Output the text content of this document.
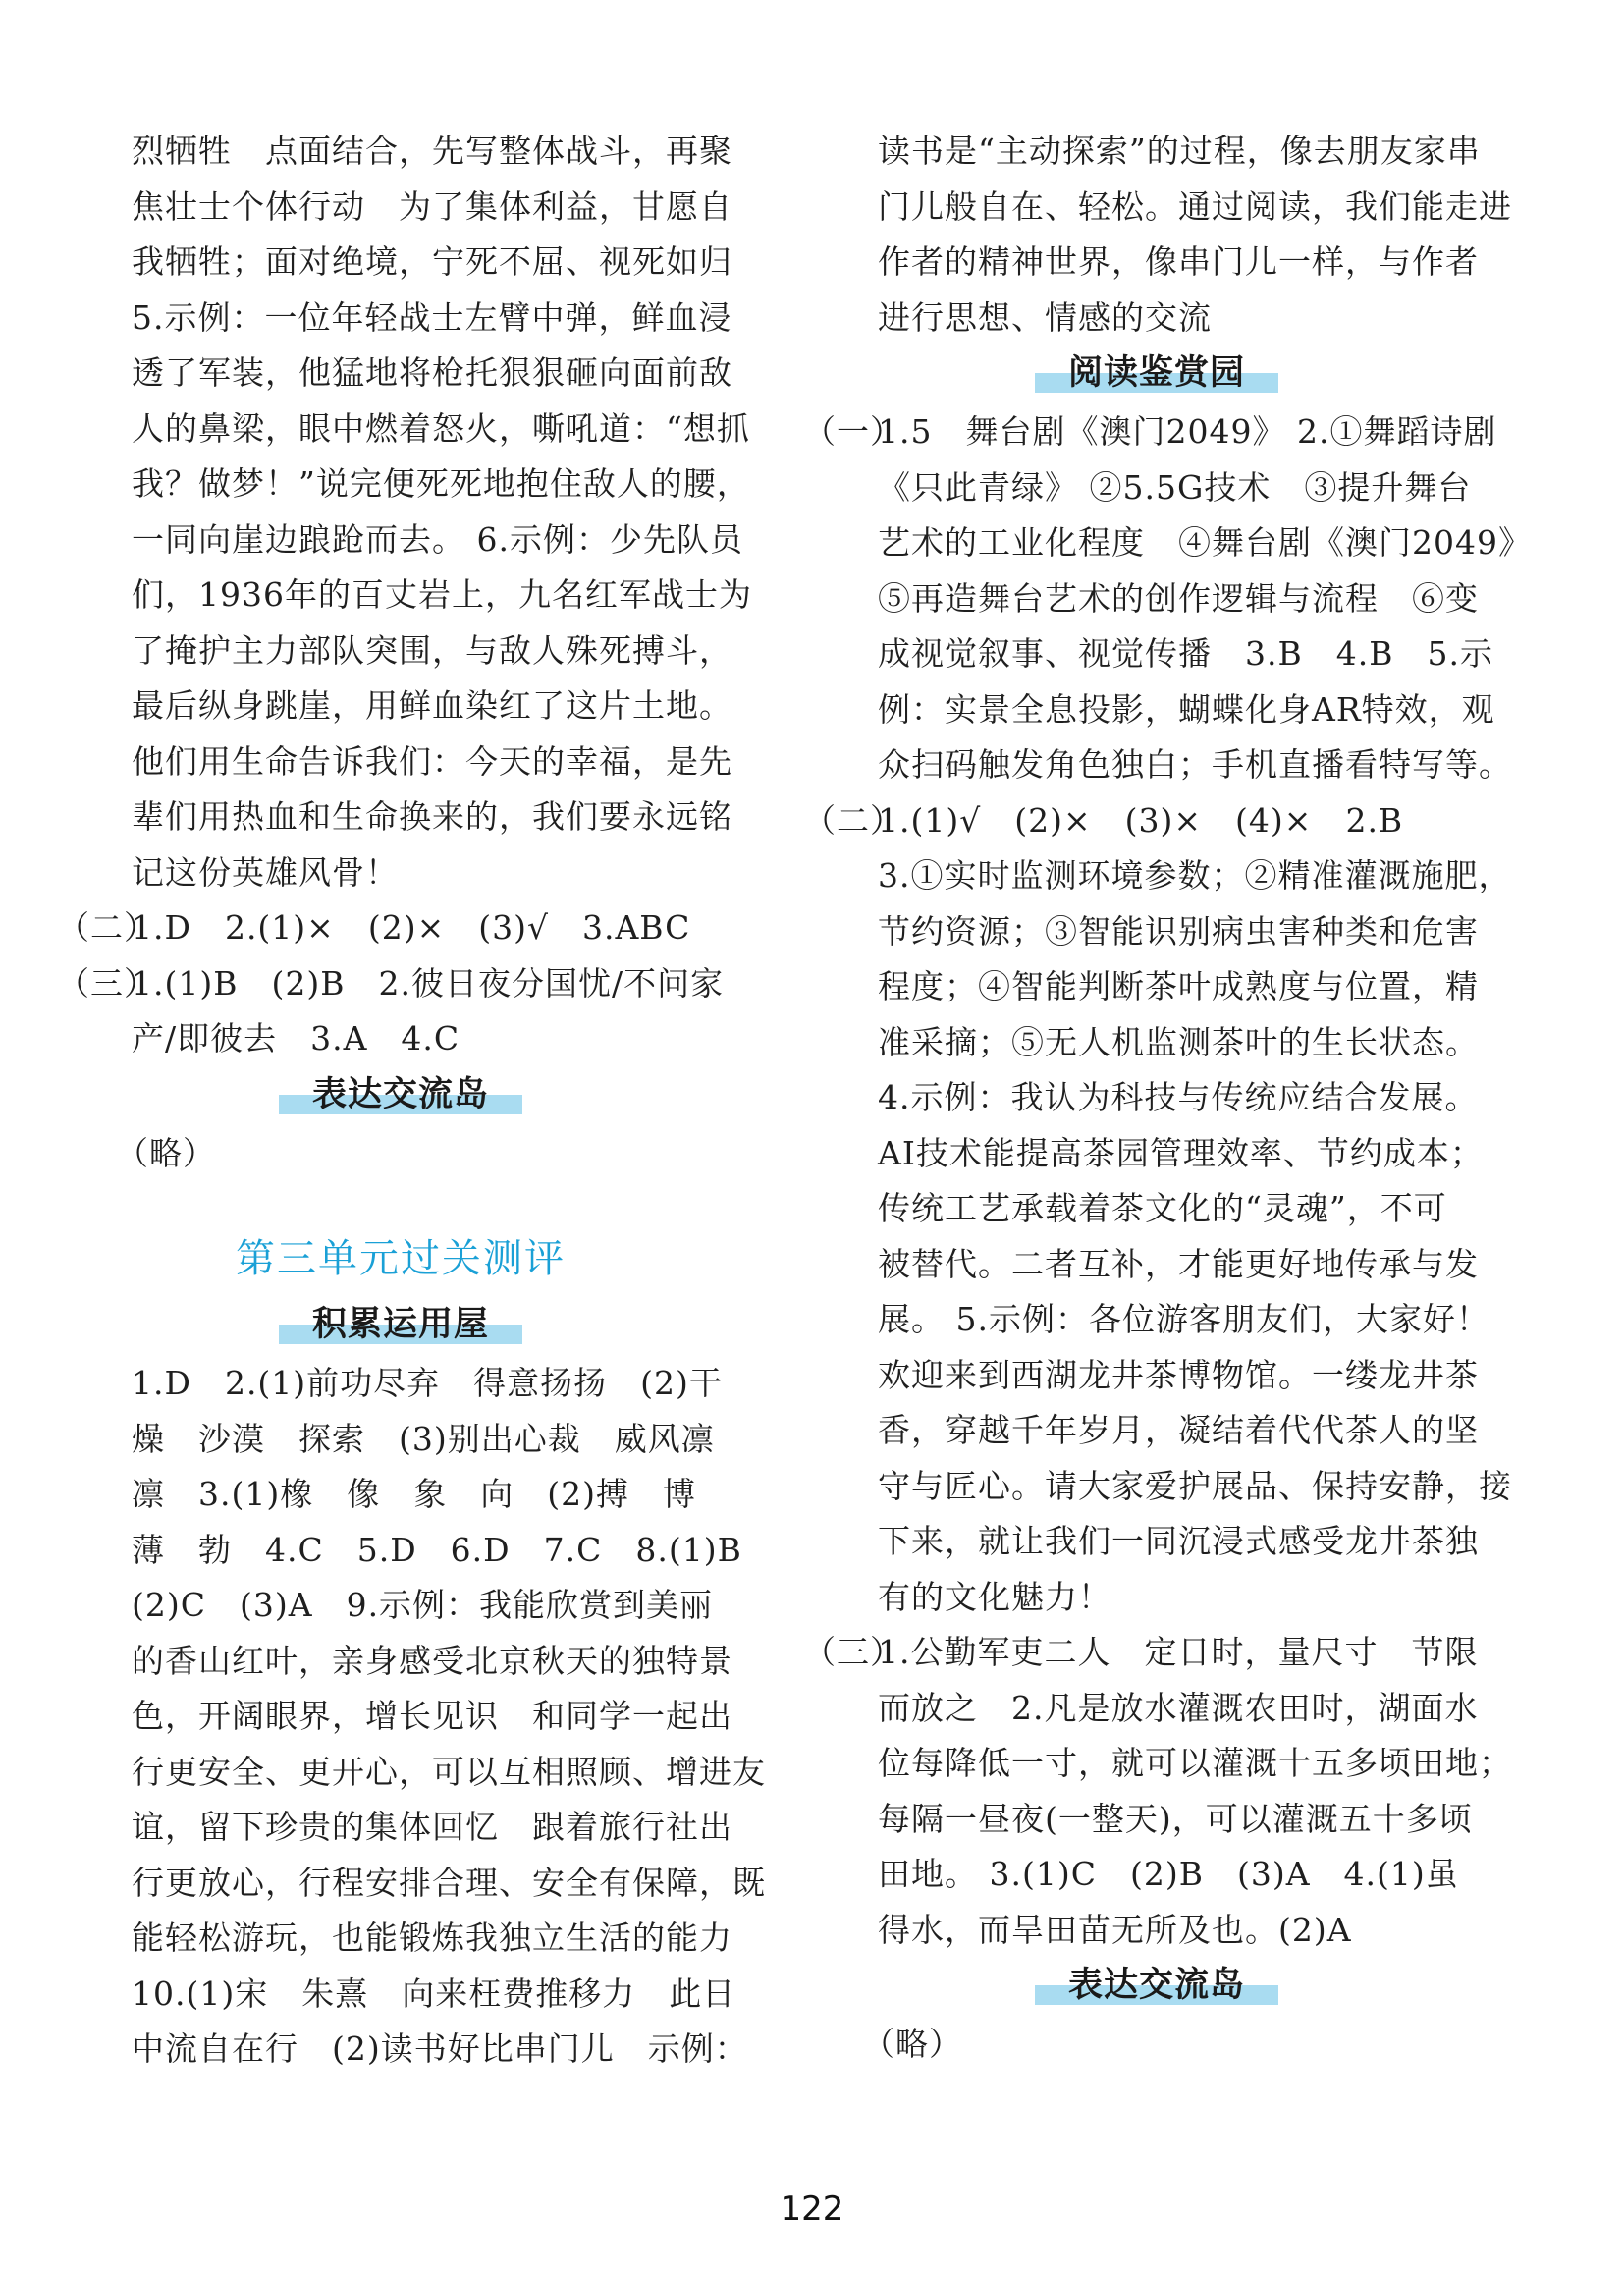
烈牺牲　点面结合，先写整体战斗，再聚
焦壮士个体行动　为了集体利益，甘愿自
我牺牲；面对绝境，宁死不屈、视死如归
5.示例：一位年轻战士左臂中弹，鲜血浸
透了军装，他猛地将枪托狠狠砸向面前敌
人的鼻梁，眼中燃着怒火，嘶吼道：“想抓
我？做梦！”说完便死死地抱住敌人的腰，
一同向崖边踉跄而去。 6.示例：少先队员
们，1936年的百丈岩上，九名红军战士为
了掩护主力部队突围，与敌人殊死搏斗，
最后纵身跳崖，用鲜血染红了这片土地。
他们用生命告诉我们：今天的幸福，是先
辈们用热血和生命换来的，我们要永远铭
记这份英雄风骨！
（二）1.D　2.(1)×　(2)×　(3)√　3.ABC
（三）1.(1)B　(2)B　2.彼日夜分国忧/不问家
产/即彼去　3.A　4.C
表达交流岛
（略）
第三单元过关测评
积累运用屋
1.D　2.(1)前功尽弃　得意扬扬　(2)干
燥　沙漠　探索　(3)别出心裁　威风凛
凛　3.(1)橡　像　象　向　(2)搏　博
薄　勃　4.C　5.D　6.D　7.C　8.(1)B
(2)C　(3)A　9.示例：我能欣赏到美丽
的香山红叶，亲身感受北京秋天的独特景
色，开阔眼界，增长见识　和同学一起出
行更安全、更开心，可以互相照顾、增进友
谊，留下珍贵的集体回忆　跟着旅行社出
行更放心，行程安排合理、安全有保障，既
能轻松游玩，也能锻炼我独立生活的能力
10.(1)宋　朱熹　向来枉费推移力　此日
中流自在行　(2)读书好比串门儿　示例：
读书是“主动探索”的过程，像去朋友家串
门儿般自在、轻松。通过阅读，我们能走进
作者的精神世界，像串门儿一样，与作者
进行思想、情感的交流
阅读鉴赏园
（一）1.5　舞台剧《澳门2049》 2.①舞蹈诗剧
《只此青绿》 ②5.5G技术　③提升舞台
艺术的工业化程度　④舞台剧《澳门2049》
⑤再造舞台艺术的创作逻辑与流程　⑥变
成视觉叙事、视觉传播　3.B　4.B　5.示
例：实景全息投影，蝴蝶化身AR特效，观
众扫码触发角色独白；手机直播看特写等。
（二）1.(1)√　(2)×　(3)×　(4)×　2.B
3.①实时监测环境参数；②精准灌溉施肥，
节约资源；③智能识别病虫害种类和危害
程度；④智能判断茶叶成熟度与位置，精
准采摘；⑤无人机监测茶叶的生长状态。
4.示例：我认为科技与传统应结合发展。
AI技术能提高茶园管理效率、节约成本；
传统工艺承载着茶文化的“灵魂”，不可
被替代。二者互补，才能更好地传承与发
展。 5.示例：各位游客朋友们，大家好！
欢迎来到西湖龙井茶博物馆。一缕龙井茶
香，穿越千年岁月，凝结着代代茶人的坚
守与匠心。请大家爱护展品、保持安静，接
下来，就让我们一同沉浸式感受龙井茶独
有的文化魅力！
（三）1.公勤军吏二人　定日时，量尺寸　节限
而放之　2.凡是放水灌溉农田时，湖面水
位每降低一寸，就可以灌溉十五多顷田地；
每隔一昼夜(一整天)，可以灌溉五十多顷
田地。 3.(1)C　(2)B　(3)A　4.(1)虽
得水，而旱田苗无所及也。(2)A
表达交流岛
（略）
122
